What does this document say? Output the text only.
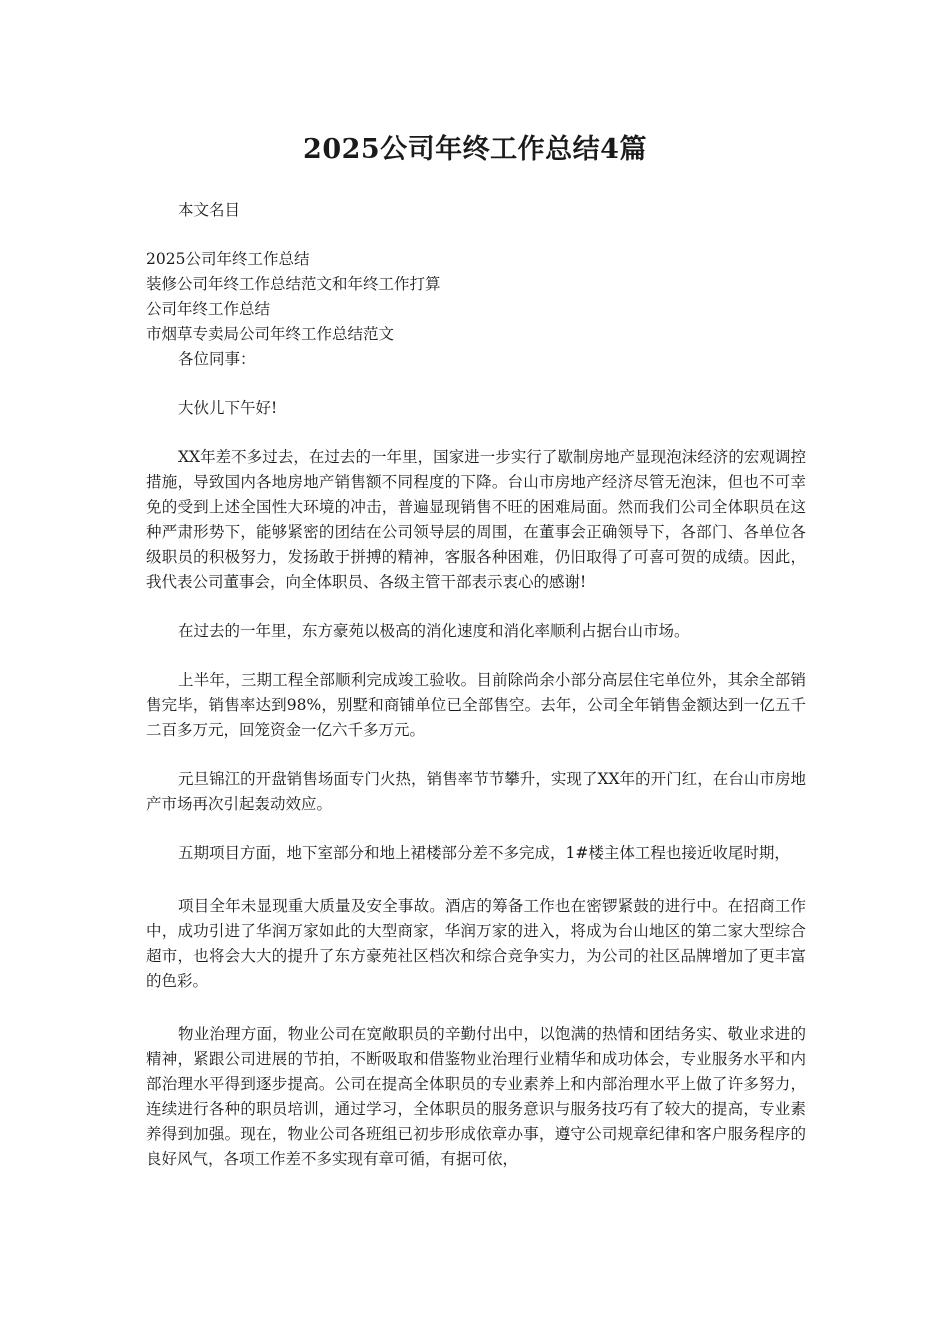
2025公司年终工作总结4篇

本文名目

2025公司年终工作总结
装修公司年终工作总结范文和年终工作打算
公司年终工作总结
市烟草专卖局公司年终工作总结范文

各位同事：

大伙儿下午好!

XX年差不多过去，在过去的一年里，国家进一步实行了歇制房地产显现泡沫经济的宏观调控措施，导致国内各地房地产销售额不同程度的下降。台山市房地产经济尽管无泡沫，但也不可幸免的受到上述全国性大环境的冲击，普遍显现销售不旺的困难局面。然而我们公司全体职员在这种严肃形势下，能够紧密的团结在公司领导层的周围，在董事会正确领导下，各部门、各单位各级职员的积极努力，发扬敢于拼搏的精神，客服各种困难，仍旧取得了可喜可贺的成绩。因此，我代表公司董事会，向全体职员、各级主管干部表示衷心的感谢!

在过去的一年里，东方豪苑以极高的消化速度和消化率顺利占据台山市场。

上半年，三期工程全部顺利完成竣工验收。目前除尚余小部分高层住宅单位外，其余全部销售完毕，销售率达到98%，别墅和商铺单位已全部售空。去年，公司全年销售金额达到一亿五千二百多万元，回笼资金一亿六千多万元。

元旦锦江的开盘销售场面专门火热，销售率节节攀升，实现了XX年的开门红，在台山市房地产市场再次引起轰动效应。

五期项目方面，地下室部分和地上裙楼部分差不多完成，1#楼主体工程也接近收尾时期，

项目全年未显现重大质量及安全事故。酒店的筹备工作也在密锣紧鼓的进行中。在招商工作中，成功引进了华润万家如此的大型商家，华润万家的进入，将成为台山地区的第二家大型综合超市，也将会大大的提升了东方豪苑社区档次和综合竞争实力，为公司的社区品牌增加了更丰富的色彩。

物业治理方面，物业公司在宽敞职员的辛勤付出中，以饱满的热情和团结务实、敬业求进的精神，紧跟公司进展的节拍，不断吸取和借鉴物业治理行业精华和成功体会，专业服务水平和内部治理水平得到逐步提高。公司在提高全体职员的专业素养上和内部治理水平上做了许多努力，连续进行各种的职员培训，通过学习，全体职员的服务意识与服务技巧有了较大的提高，专业素养得到加强。现在，物业公司各班组已初步形成依章办事，遵守公司规章纪律和客户服务程序的良好风气，各项工作差不多实现有章可循，有据可依，
